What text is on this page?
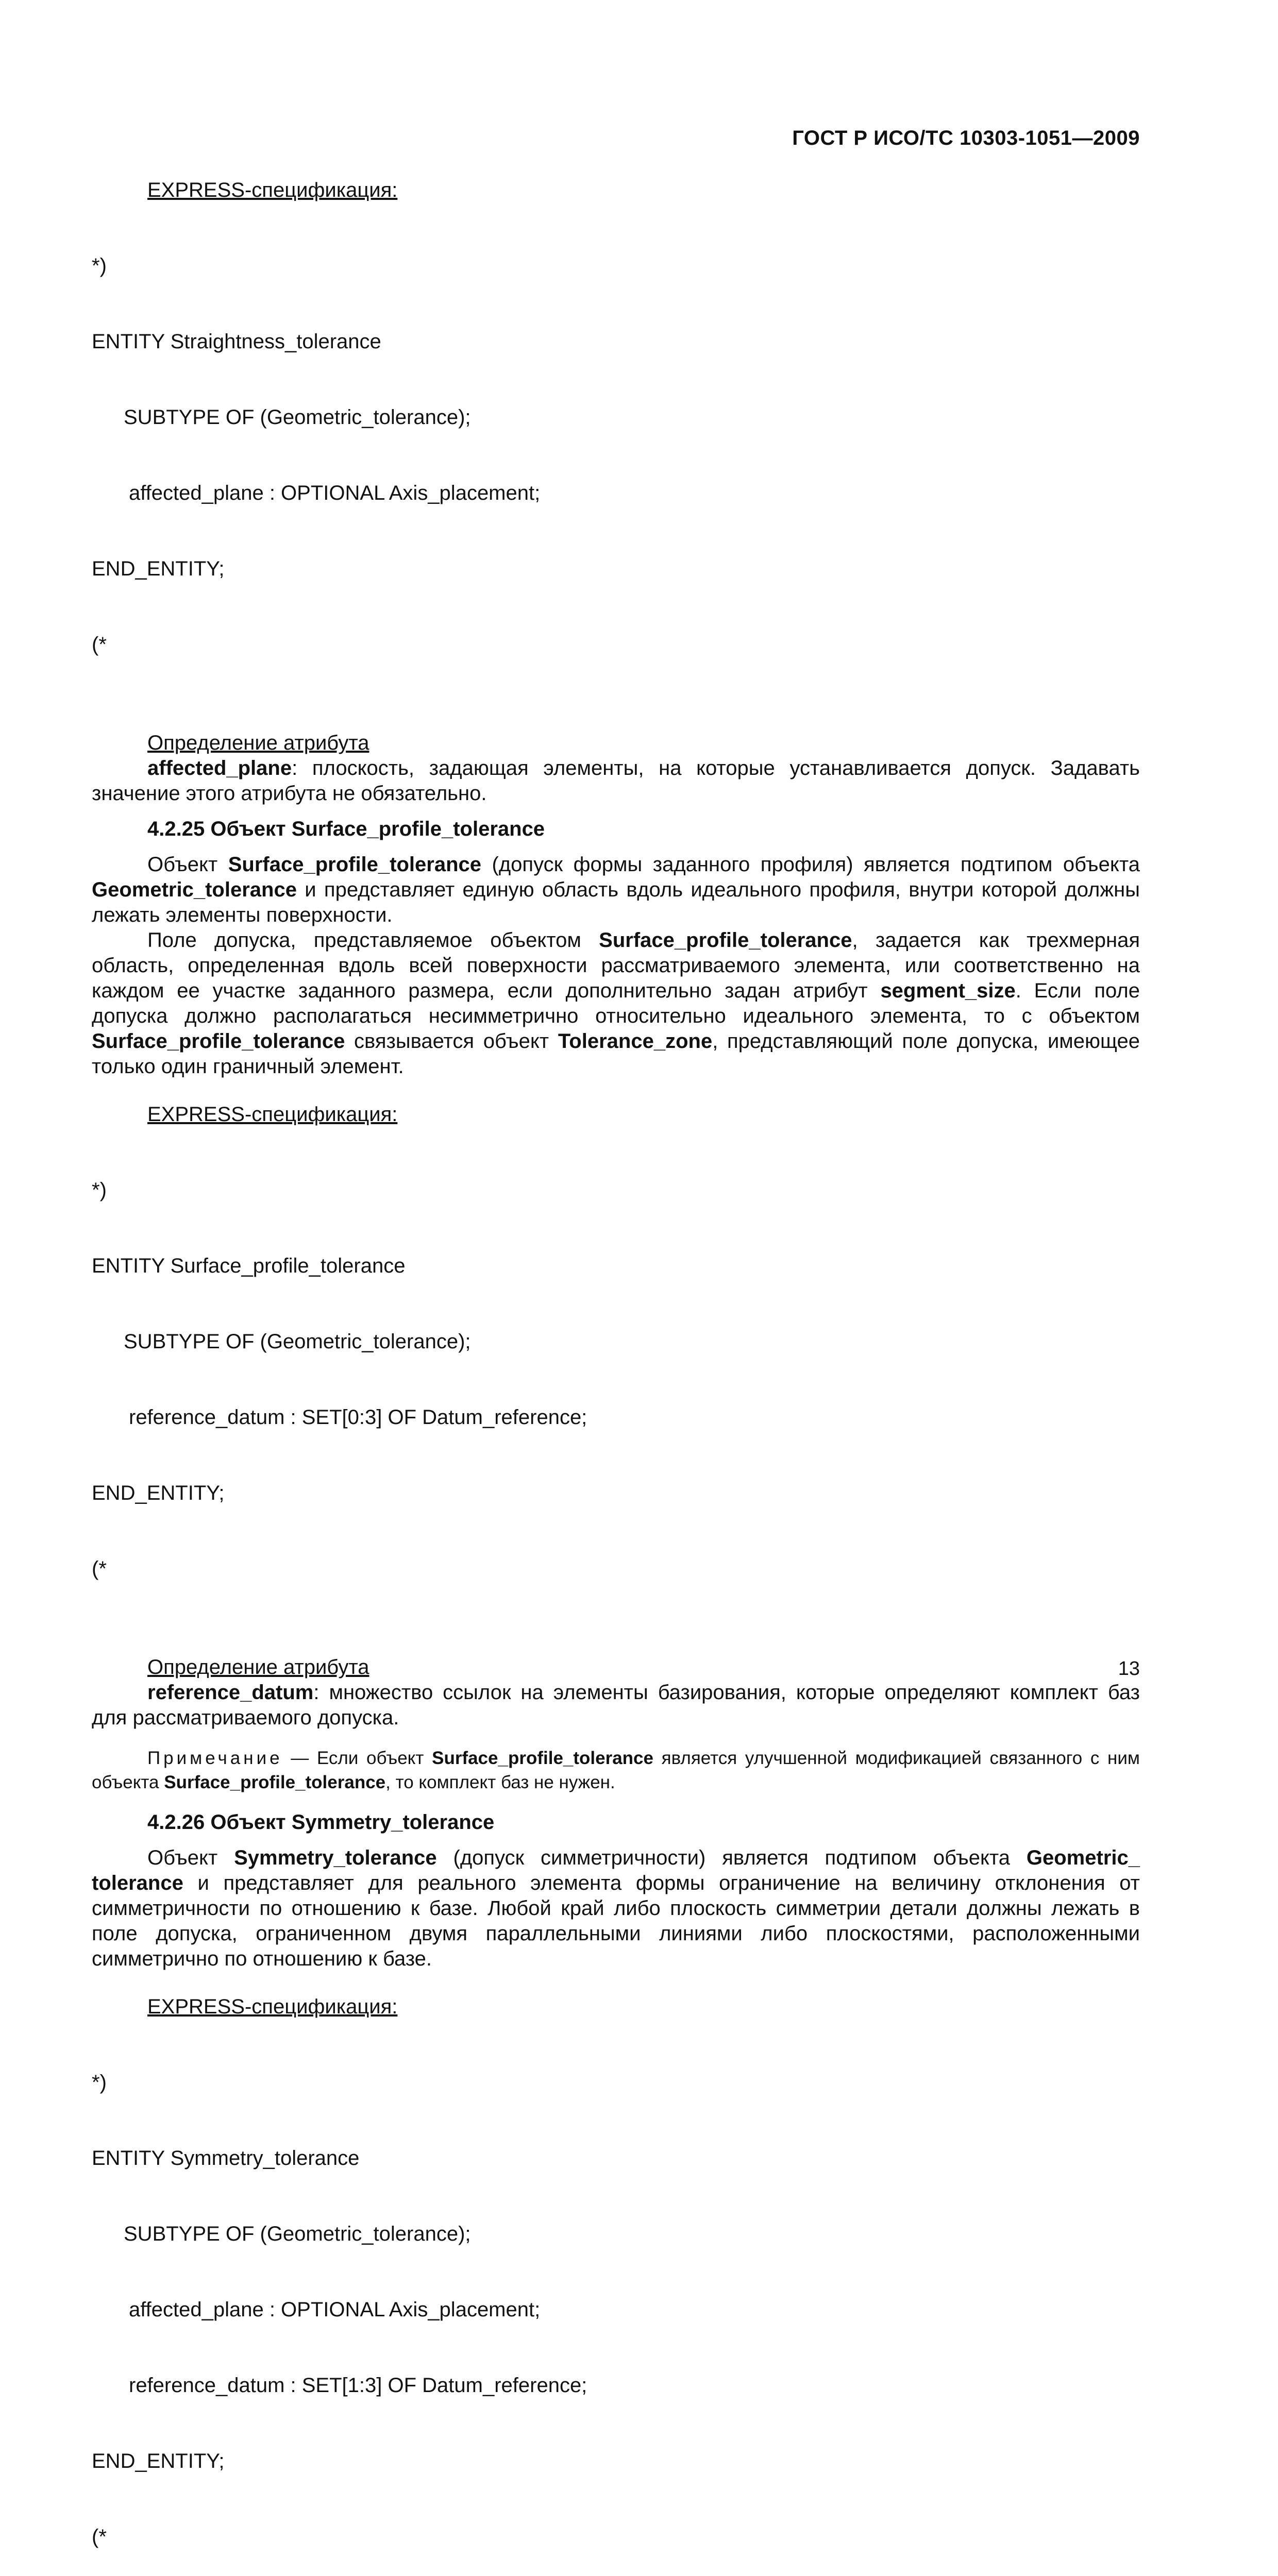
ГОСТ Р ИСО/ТС 10303-1051—2009
EXPRESS-спецификация:

*)

ENTITY Straightness_tolerance

SUBTYPE OF (Geometric_tolerance);

affected_plane : OPTIONAL Axis_placement;

END_ENTITY;

(*

Определение атрибута

affected_plane: плоскость, задающая элементы, на которые устанавливается допуск. Задавать значение этого атрибута не обязательно.

4.2.25 Объект Surface_profile_tolerance

Объект Surface_profile_tolerance (допуск формы заданного профиля) является подтипом объекта Geometric_tolerance и представляет единую область вдоль идеального профиля, внутри которой должны лежать элементы поверхности.

Поле допуска, представляемое объектом Surface_profile_tolerance, задается как трехмерная область, определенная вдоль всей поверхности рассматриваемого элемента, или соответственно на каждом ее участке заданного размера, если дополнительно задан атрибут segment_size. Если поле допуска должно располагаться несимметрично относительно идеального элемента, то с объектом Surface_profile_tolerance связывается объект Tolerance_zone, представляющий поле допуска, имеющее только один граничный элемент.

EXPRESS-спецификация:

*)

ENTITY Surface_profile_tolerance

SUBTYPE OF (Geometric_tolerance);

reference_datum : SET[0:3] OF Datum_reference;

END_ENTITY;

(*

Определение атрибута

reference_datum: множество ссылок на элементы базирования, которые определяют комплект баз для рассматриваемого допуска.

Примечание — Если объект Surface_profile_tolerance является улучшенной модификацией связанного с ним объекта Surface_profile_tolerance, то комплект баз не нужен.

4.2.26 Объект Symmetry_tolerance

Объект Symmetry_tolerance (допуск симметричности) является подтипом объекта Geometric_ tolerance и представляет для реального элемента формы ограничение на величину отклонения от симметричности по отношению к базе. Любой край либо плоскость симметрии детали должны лежать в поле допуска, ограниченном двумя параллельными линиями либо плоскостями, расположенными симметрично по отношению к базе.

EXPRESS-спецификация:

*)

ENTITY Symmetry_tolerance

SUBTYPE OF (Geometric_tolerance);

affected_plane : OPTIONAL Axis_placement;

reference_datum : SET[1:3] OF Datum_reference;

END_ENTITY;

(*

13
